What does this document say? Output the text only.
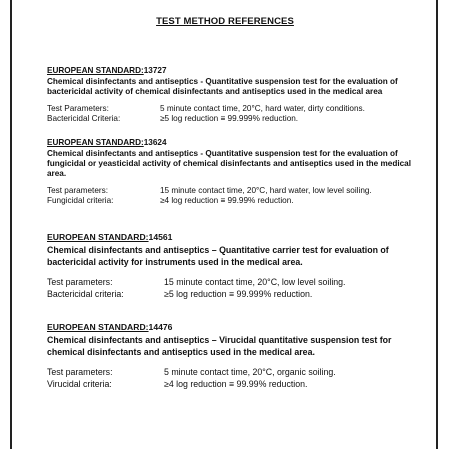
TEST METHOD REFERENCES
EUROPEAN STANDARD:13727
Chemical disinfectants and antiseptics - Quantitative suspension test for the evaluation of bactericidal activity of chemical disinfectants and antiseptics used in the medical area
Test Parameters:	5 minute contact time, 20°C, hard water, dirty conditions.
Bactericidal Criteria:	≥5 log reduction ≡ 99.999% reduction.
EUROPEAN STANDARD:13624
Chemical disinfectants and antiseptics - Quantitative suspension test for the evaluation of fungicidal or yeasticidal activity of chemical disinfectants and antiseptics used in the medical area.
Test parameters:	15 minute contact time, 20°C, hard water, low level soiling.
Fungicidal criteria:	≥4 log reduction ≡ 99.99% reduction.
EUROPEAN STANDARD:14561
Chemical disinfectants and antiseptics – Quantitative carrier test for evaluation of bactericidal activity for instruments used in the medical area.
Test parameters:	15 minute contact time, 20°C, low level soiling.
Bactericidal criteria:	≥5 log reduction ≡ 99.999% reduction.
EUROPEAN STANDARD:14476
Chemical disinfectants and antiseptics – Virucidal quantitative suspension test for chemical disinfectants and antiseptics used in the medical area.
Test parameters:	5 minute contact time, 20°C, organic soiling.
Virucidal criteria:	≥4 log reduction ≡ 99.99% reduction.
